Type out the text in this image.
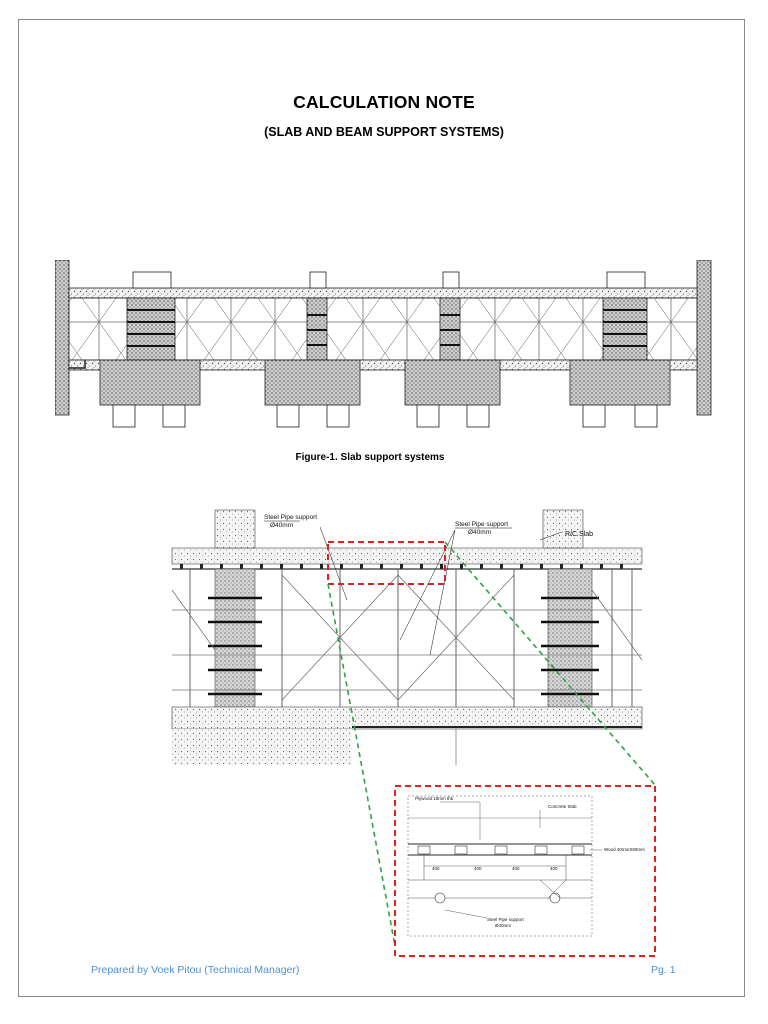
CALCULATION NOTE
(SLAB AND BEAM SUPPORT SYSTEMS)
Figure-1. Slab support systems
Steel Pipe support
Ø40mm	Steel Pipe support
Ø40mm	R/C Slab
Plywood 18mm thk
Concrete Slab
Wood 40mmX80mm
400	400	400	400
Steel Pipe support
Ø40mm
Prepared by Voek Pitou (Technical Manager)	Pg. 1
